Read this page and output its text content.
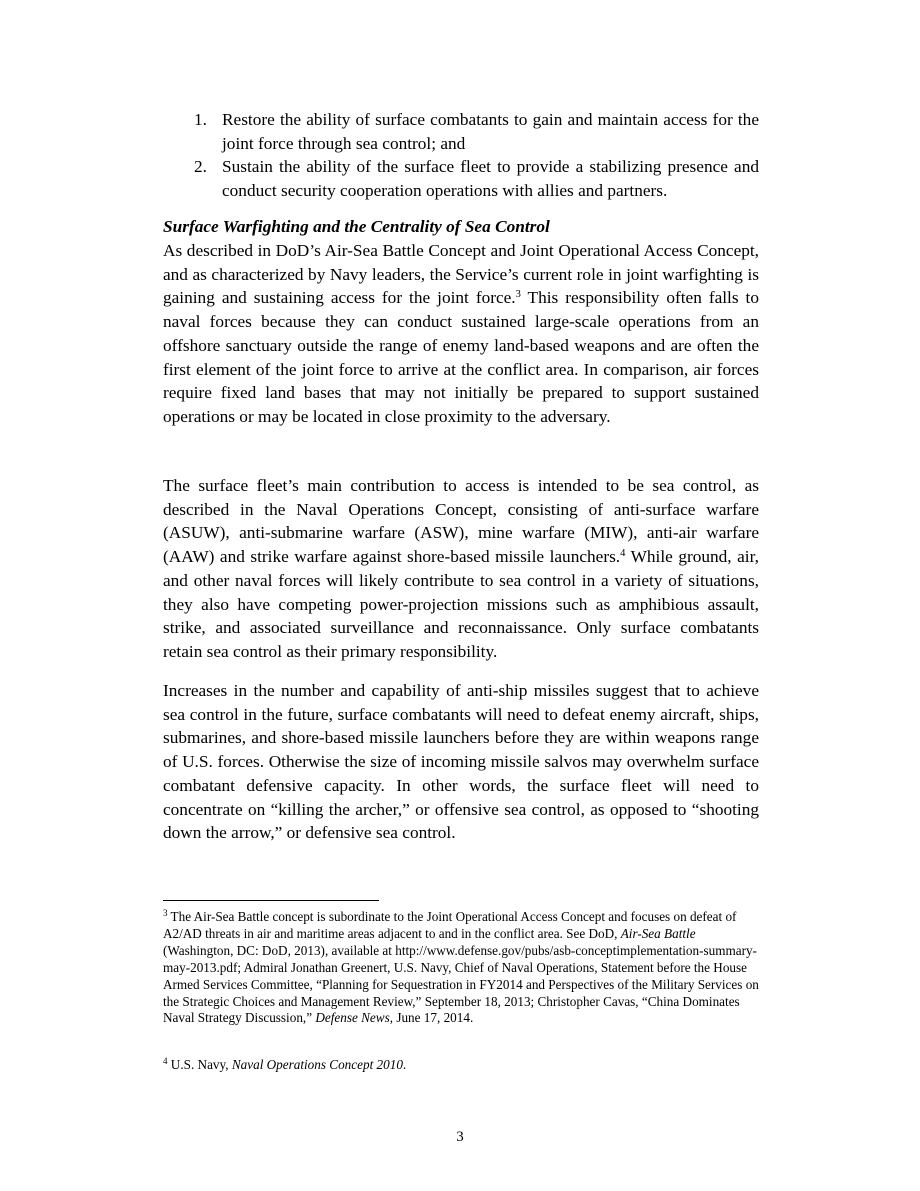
1. Restore the ability of surface combatants to gain and maintain access for the joint force through sea control; and
2. Sustain the ability of the surface fleet to provide a stabilizing presence and conduct security cooperation operations with allies and partners.
Surface Warfighting and the Centrality of Sea Control
As described in DoD’s Air-Sea Battle Concept and Joint Operational Access Concept, and as characterized by Navy leaders, the Service’s current role in joint warfighting is gaining and sustaining access for the joint force.$^3$ This responsibility often falls to naval forces because they can conduct sustained large-scale operations from an offshore sanctuary outside the range of enemy land-based weapons and are often the first element of the joint force to arrive at the conflict area. In comparison, air forces require fixed land bases that may not initially be prepared to support sustained operations or may be located in close proximity to the adversary.
The surface fleet’s main contribution to access is intended to be sea control, as described in the Naval Operations Concept, consisting of anti-surface warfare (ASUW), anti-submarine warfare (ASW), mine warfare (MIW), anti-air warfare (AAW) and strike warfare against shore-based missile launchers.$^4$ While ground, air, and other naval forces will likely contribute to sea control in a variety of situations, they also have competing power-projection missions such as amphibious assault, strike, and associated surveillance and reconnaissance. Only surface combatants retain sea control as their primary responsibility.
Increases in the number and capability of anti-ship missiles suggest that to achieve sea control in the future, surface combatants will need to defeat enemy aircraft, ships, submarines, and shore-based missile launchers before they are within weapons range of U.S. forces. Otherwise the size of incoming missile salvos may overwhelm surface combatant defensive capacity. In other words, the surface fleet will need to concentrate on “killing the archer,” or offensive sea control, as opposed to “shooting down the arrow,” or defensive sea control.
$^3$ The Air-Sea Battle concept is subordinate to the Joint Operational Access Concept and focuses on defeat of A2/AD threats in air and maritime areas adjacent to and in the conflict area. See DoD, Air-Sea Battle (Washington, DC: DoD, 2013), available at http://www.defense.gov/pubs/asb-conceptimplementation-summary-may-2013.pdf; Admiral Jonathan Greenert, U.S. Navy, Chief of Naval Operations, Statement before the House Armed Services Committee, “Planning for Sequestration in FY2014 and Perspectives of the Military Services on the Strategic Choices and Management Review,” September 18, 2013; Christopher Cavas, “China Dominates Naval Strategy Discussion,” Defense News, June 17, 2014.
$^4$ U.S. Navy, Naval Operations Concept 2010.
3
